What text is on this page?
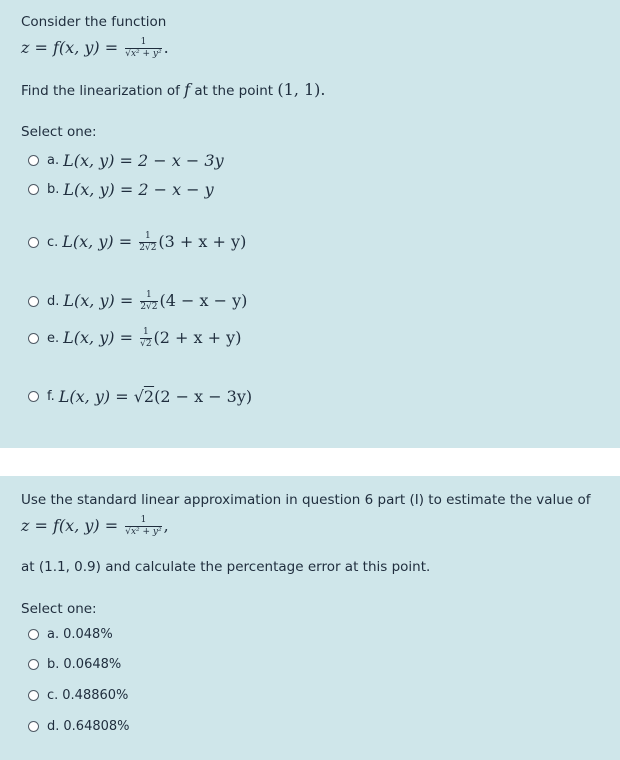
Consider the function
z = f(x, $y) = \frac{1}{\text{√x² + y²}}$ .
Find the linearization of f at the point (1, 1).
Select one:
a. L(x, y) = 2 − x − 3y
b. L(x, y) = 2 − x − y
c. L(x, $y) = \frac{1}{2√2} (3 + x + y)$
d. L(x, $y) = \frac{1}{2√2} (4 - x - y)$
e. L(x, $y) = \frac{1}{√2} (2 + x + y)$
f. L(x, y) = √2(2 − x − 3y)
Use the standard linear approximation in question 6 part (I) to estimate the value of
z = f(x, $y) = \frac{1}{\text{√x² + y²}}$ ,
at (1.1, 0.9) and calculate the percentage error at this point.
Select one:
a. 0.048%
b. 0.0648%
c. 0.48860%
d. 0.64808%
